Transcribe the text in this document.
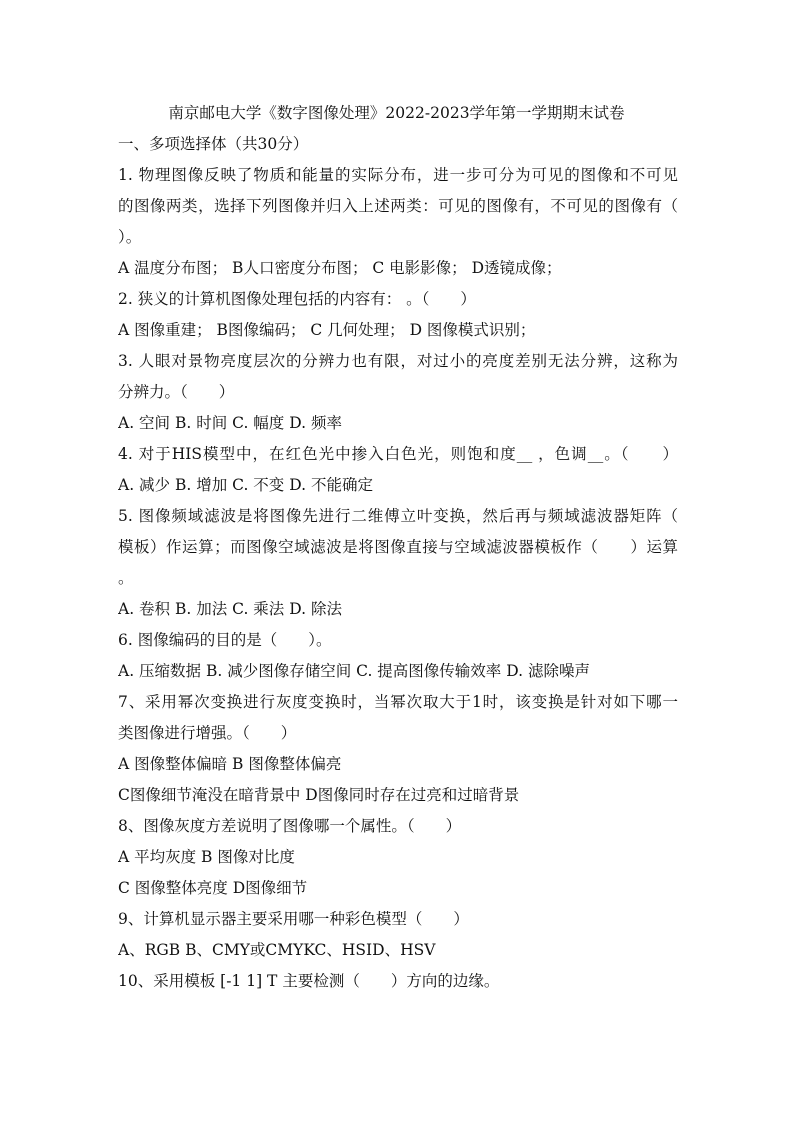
南京邮电大学《数字图像处理》2022-2023学年第一学期期末试卷
一、多项选择体（共30分）
1. 物理图像反映了物质和能量的实际分布，进一步可分为可见的图像和不可见
的图像两类，选择下列图像并归入上述两类：可见的图像有，不可见的图像有（
）。
A 温度分布图； B人口密度分布图； C 电影影像； D透镜成像；
2. 狭义的计算机图像处理包括的内容有： 。（　　）
A 图像重建； B图像编码； C 几何处理； D 图像模式识别；
3. 人眼对景物亮度层次的分辨力也有限，对过小的亮度差别无法分辨，这称为
分辨力。（　　）
A. 空间 B. 时间 C. 幅度 D. 频率
4. 对于HIS模型中，在红色光中掺入白色光，则饱和度__ ，色调__。（　　）
A. 减少 B. 增加 C. 不变 D. 不能确定
5. 图像频域滤波是将图像先进行二维傅立叶变换，然后再与频域滤波器矩阵（
模板）作运算；而图像空域滤波是将图像直接与空域滤波器模板作（　　）运算
。
A. 卷积 B. 加法 C. 乘法 D. 除法
6. 图像编码的目的是（　　）。
A. 压缩数据 B. 减少图像存储空间 C. 提高图像传输效率 D. 滤除噪声
7、采用幂次变换进行灰度变换时，当幂次取大于1时，该变换是针对如下哪一
类图像进行增强。（　　）
A 图像整体偏暗 B 图像整体偏亮
C图像细节淹没在暗背景中 D图像同时存在过亮和过暗背景
8、图像灰度方差说明了图像哪一个属性。（　　）
A 平均灰度 B 图像对比度
C 图像整体亮度 D图像细节
9、计算机显示器主要采用哪一种彩色模型（　　）
A、RGB B、CMY或CMYKC、HSID、HSV
10、采用模板 [-1 1] T 主要检测（　　）方向的边缘。
